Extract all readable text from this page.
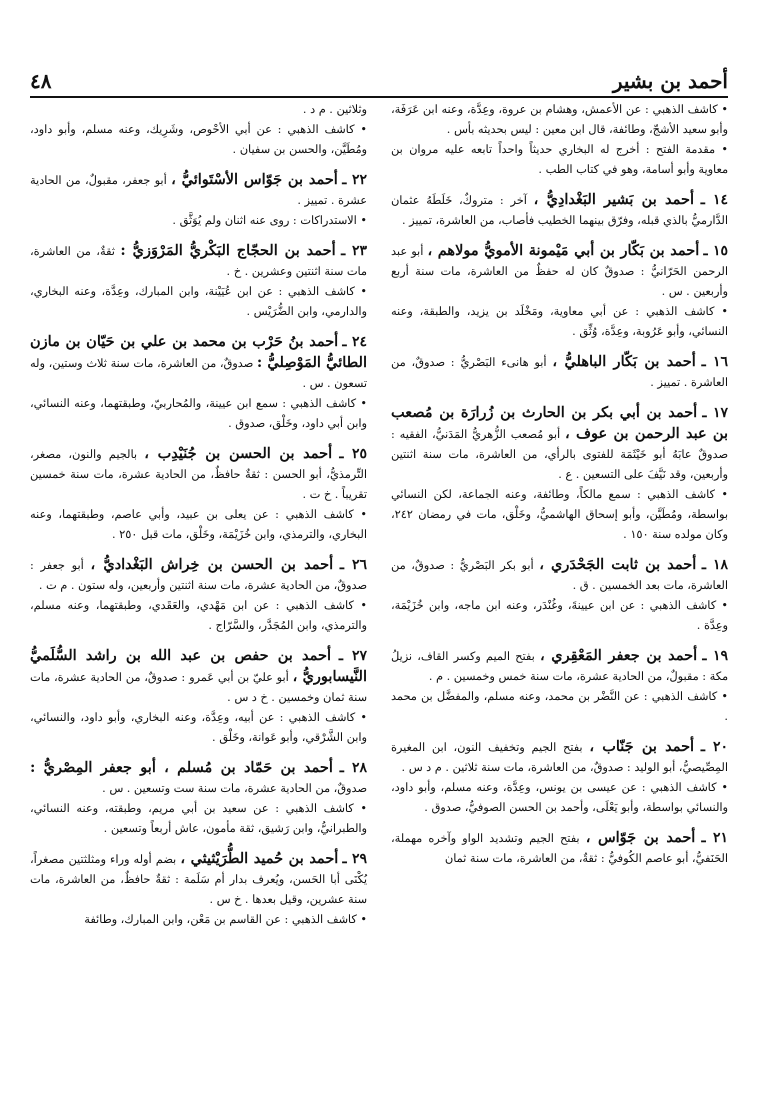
أحمد بن بشير
٤٨

• كاشف الذهبي : عن الأعمش، وهشام بن عروة، وعِدَّة، وعنه ابن عَرَفَة، وأبو سعيد الأشجّ، وطائفة، قال ابن معين : ليس بحديثه بأس .

• مقدمة الفتح : أخرج له البخاري حديثاً واحداً تابعه عليه مروان بن معاوية وأبو أسامة، وهو في كتاب الطب .

١٤ ـ أحمد بن بَشير البَغْدادِيُّ ، آخر : متروكٌ، خَلَطَهُ عثمان الدَّارميُّ بالذي قبله، وفرّق بينهما الخطيب فأصاب، من العاشرة، تمييز .

١٥ ـ أحمد بن بَكّار بن أبي مَيْمونة الأمويُّ مولاهم ، أبو عبد الرحمن الحَرّانيُّ : صدوقٌ كان له حفظٌ من العاشرة، مات سنة أربع وأربعين . س .

• كاشف الذهبي : عن أبي معاوية، ومَخْلَد بن يزيد، والطبقة، وعنه النسائي، وأبو عَرُوبة، وعِدَّة، وُثِّق .

١٦ ـ أحمد بن بَكّار الباهليُّ ، أبو هانىء البَصْريُّ : صدوقٌ، من العاشرة . تمييز .

١٧ ـ أحمد بن أبي بكر بن الحارث بن زُرارَة بن مُصعب بن عبد الرحمن بن عوف ، أبو مُصعب الزُّهريُّ المَدَنيُّ، الفقيه : صدوقٌ عابَهُ أبو خَيْثَمَة للفتوى بالرأي، من العاشرة، مات سنة اثنتين وأربعين، وقد نَيَّفَ على التسعين . ع .

• كاشف الذهبي : سمع مالكاً، وطائفة، وعنه الجماعة، لكن النسائي بواسطة، ومُطَيَّن، وأبو إسحاق الهاشميُّ، وخَلْق، مات في رمضان ٢٤٢، وكان مولده سنة ١٥٠ .

١٨ ـ أحمد بن ثابت الجَحْدَري ، أبو بكر البَصْريُّ : صدوقٌ، من العاشرة، مات بعد الخمسين . ق .

• كاشف الذهبي : عن ابن عيينةَ، وغُنْدَر، وعنه ابن ماجه، وابن خُزَيْمَة، وعِدَّة .

١٩ ـ أحمد بن جعفر المَعْقِري ، بفتح الميم وكسر القاف، نزيلُ مكة : مقبولٌ، من الحادية عشرة، مات سنة خمس وخمسين . م .

• كاشف الذهبي : عن النَّضْر بن محمد، وعنه مسلم، والمفضَّل بن محمد .

٢٠ ـ أحمد بن جَنّاب ، بفتح الجيم وتخفيف النون، ابن المغيرة المِصِّيصيُّ، أبو الوليد : صدوقٌ، من العاشرة، مات سنة ثلاثين . م د س .

• كاشف الذهبي : عن عيسى بن يونس، وعِدَّة، وعنه مسلم، وأبو داود، والنسائي بواسطة، وأبو يَعْلَى، وأحمد بن الحسن الصوفيُّ، صدوق .

٢١ ـ أحمد بن جَوّاس ، بفتح الجيم وتشديد الواو وآخره مهملة، الحَنَفيُّ، أبو عاصم الكُوفيُّ : ثقةٌ، من العاشرة، مات سنة ثمان

وثلاثين . م د .

• كاشف الذهبي : عن أبي الأحْوص، وشَرِيك، وعنه مسلم، وأبو داود، ومُطَيَّن، والحسن بن سفيان .

٢٢ ـ أحمد بن جَوّاس الأسْتَوائيُّ ، أبو جعفر، مقبولٌ، من الحادية عشرة . تمييز .

• الاستدراكات : روى عنه اثنان ولم يُوَثَّق .

٢٣ ـ أحمد بن الحجّاج البَكْريُّ المَرْوَزيُّ : ثقةٌ، من العاشرة، مات سنة اثنتين وعشرين . خ .

• كاشف الذهبي : عن ابن عُيَيْنة، وابن المبارك، وعِدَّة، وعنه البخاري، والدارمي، وابن الضُّرَيْس .

٢٤ ـ أحمد بنُ حَرْب بن محمد بن علي بن حَيّان بن مازن الطائيُّ المَوْصِليُّ : صدوقٌ، من العاشرة، مات سنة ثلاث وستين، وله تسعون . س .

• كاشف الذهبي : سمع ابن عيينة، والمُحاربيّ، وطبقتهما، وعنه النسائي، وابن أبي داود، وخَلْق، صدوق .

٢٥ ـ أحمد بن الحسن بن جُنَيْدِب ، بالجيم والنون، مصغر، التِّرمذيُّ، أبو الحسن : ثقةٌ حافظٌ، من الحادية عشرة، مات سنة خمسين تقريباً . خ ت .

• كاشف الذهبي : عن يعلى بن عبيد، وأبي عاصم، وطبقتهما، وعنه البخاري، والترمذي، وابن خُزَيْمَة، وخَلْق، مات قبل ٢٥٠ .

٢٦ ـ أحمد بن الحسن بن خِراش البَغْداديُّ ، أبو جعفر : صدوقٌ، من الحادية عشرة، مات سنة اثنتين وأربعين، وله ستون . م ت .

• كاشف الذهبي : عن ابن مَهْدي، والعَقَدي، وطبقتهما، وعنه مسلم، والترمذي، وابن المُجَدَّر، والسَّرّاج .

٢٧ ـ أحمد بن حفص بن عبد الله بن راشد السُّلَميُّ النَّيسابوريُّ ، أبو عليّ بن أبي عَمرو : صدوقٌ، من الحادية عشرة، مات سنة ثمان وخمسين . خ د س .

• كاشف الذهبي : عن أبيه، وعِدَّة، وعنه البخاري، وأبو داود، والنسائي، وابن الشَّرْقي، وأبو عَوانة، وخَلْق .

٢٨ ـ أحمد بن حَمّاد بن مُسلم ، أبو جعفر المِصْريُّ : صدوقٌ، من الحادية عشرة، مات سنة ست وتسعين . س .

• كاشف الذهبي : عن سعيد بن أبي مريم، وطبقته، وعنه النسائي، والطبرانيُّ، وابن رَشيق، ثقة مأمون، عاش أربعاً وتسعين .

٢٩ ـ أحمد بن حُميد الطُّرَيْثيثي ، بضم أوله وراء ومثلثتين مصغراً، يُكْنَى أبا الحَسن، ويُعرف بدار أم سَلَمة : ثقةٌ حافظٌ، من العاشرة، مات سنة عشرين، وقيل بعدها . خ س .

• كاشف الذهبي : عن القاسم بن مَعْن، وابن المبارك، وطائفة
